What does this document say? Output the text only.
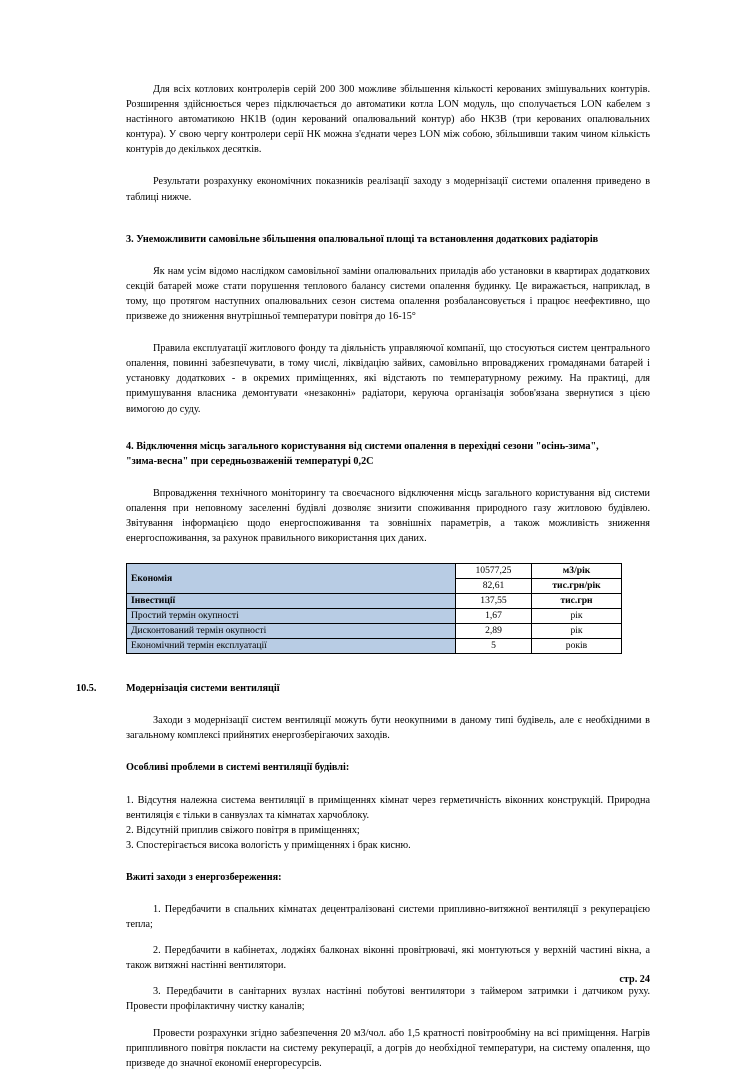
Для всіх котлових контролерів серій 200 300 можливе збільшення кількості керованих змішувальних контурів. Розширення здійснюється через підключається до автоматики котла LON модуль, що сполучається LON кабелем з настінного автоматикою НК1В (один керований опалювальний контур) або НК3В (три керованих опалювальних контура). У свою чергу контролери серії НК можна з'єднати через LON між собою, збільшивши таким чином кількість контурів до декількох десятків.

Результати розрахунку економічних показників реалізації заходу з модернізації системи опалення приведено в таблиці нижче.

3. Унеможливити самовільне збільшення опалювальної площі та встановлення додаткових радіаторів

Як нам усім відомо наслідком самовільної заміни опалювальних приладів або установки в квартирах додаткових секцій батарей може стати порушення теплового балансу системи опалення будинку. Це виражається, наприклад, в тому, що протягом наступних опалювальних сезон система опалення розбалансовується і працює неефективно, що призвеже до зниження внутрішньої температури повітря до 16-15°

Правила експлуатації житлового фонду та діяльність управляючої компанії, що стосуються систем центрального опалення, повинні забезпечувати, в тому числі, ліквідацію зайвих, самовільно впроваджених громадянами батарей і установку додаткових - в окремих приміщеннях, які відстають по температурному режиму. На практиці, для примушування власника демонтувати «незаконні» радіатори, керуюча організація зобов'язана звернутися з цією вимогою до суду.

4. Відключення місць загального користування від системи опалення в перехідні сезони "осінь-зима",
"зима-весна" при середньозваженій температурі 0,2С

Впровадження технічного моніторингу та своєчасного відключення місць загального користування від системи опалення при неповному заселенні будівлі дозволяє знизити споживання природного газу житловою будівлею. Звітування інформацією щодо енергоспоживання та зовнішніх параметрів, а також можливість зниження енергоспоживання, за рахунок правильного використання цих даних.

Економія	10577,25	м3/рік
	82,61	тис.грн/рік
Інвестиції	137,55	тис.грн
Простий термін окупності	1,67	рік
Дисконтований термін окупності	2,89	рік
Економічний термін експлуатації	5	років
10.5.	Модернізація системи вентиляції

Заходи з модернізації систем вентиляції можуть бути неокупними в даному типі будівель, але є необхідними в загальному комплексі прийнятих енергозберігаючих заходів.

Особливі проблеми в системі вентиляції будівлі:
1. Відсутня належна система вентиляції в приміщеннях кімнат через герметичність віконних конструкцій. Природна вентиляція є тільки в санвузлах та кімнатах харчоблоку.
2. Відсутній приплив свіжого повітря в приміщеннях;
3. Спостерігається висока вологість у приміщеннях і брак кисню.
Вжиті заходи з енергозбереження:

1. Передбачити в спальних кімнатах децентралізовані системи припливно-витяжної вентиляції з рекуперацією тепла;

2. Передбачити в кабінетах, лоджіях балконах віконні провітрювачі, які монтуються у верхній частині вікна, а також витяжні настінні вентилятори.

3. Передбачити в санітарних вузлах настінні побутові вентилятори з таймером затримки і датчиком руху. Провести профілактичну чистку каналів;

Провести розрахунки згідно забезпечення 20 м3/чол. або 1,5 кратності повітрообміну на всі приміщення. Нагрів приппливного повітря покласти на систему рекуперації, а догрів до необхідної температури, на систему опалення, що призведе до значної економії енергоресурсів.

стр. 24
